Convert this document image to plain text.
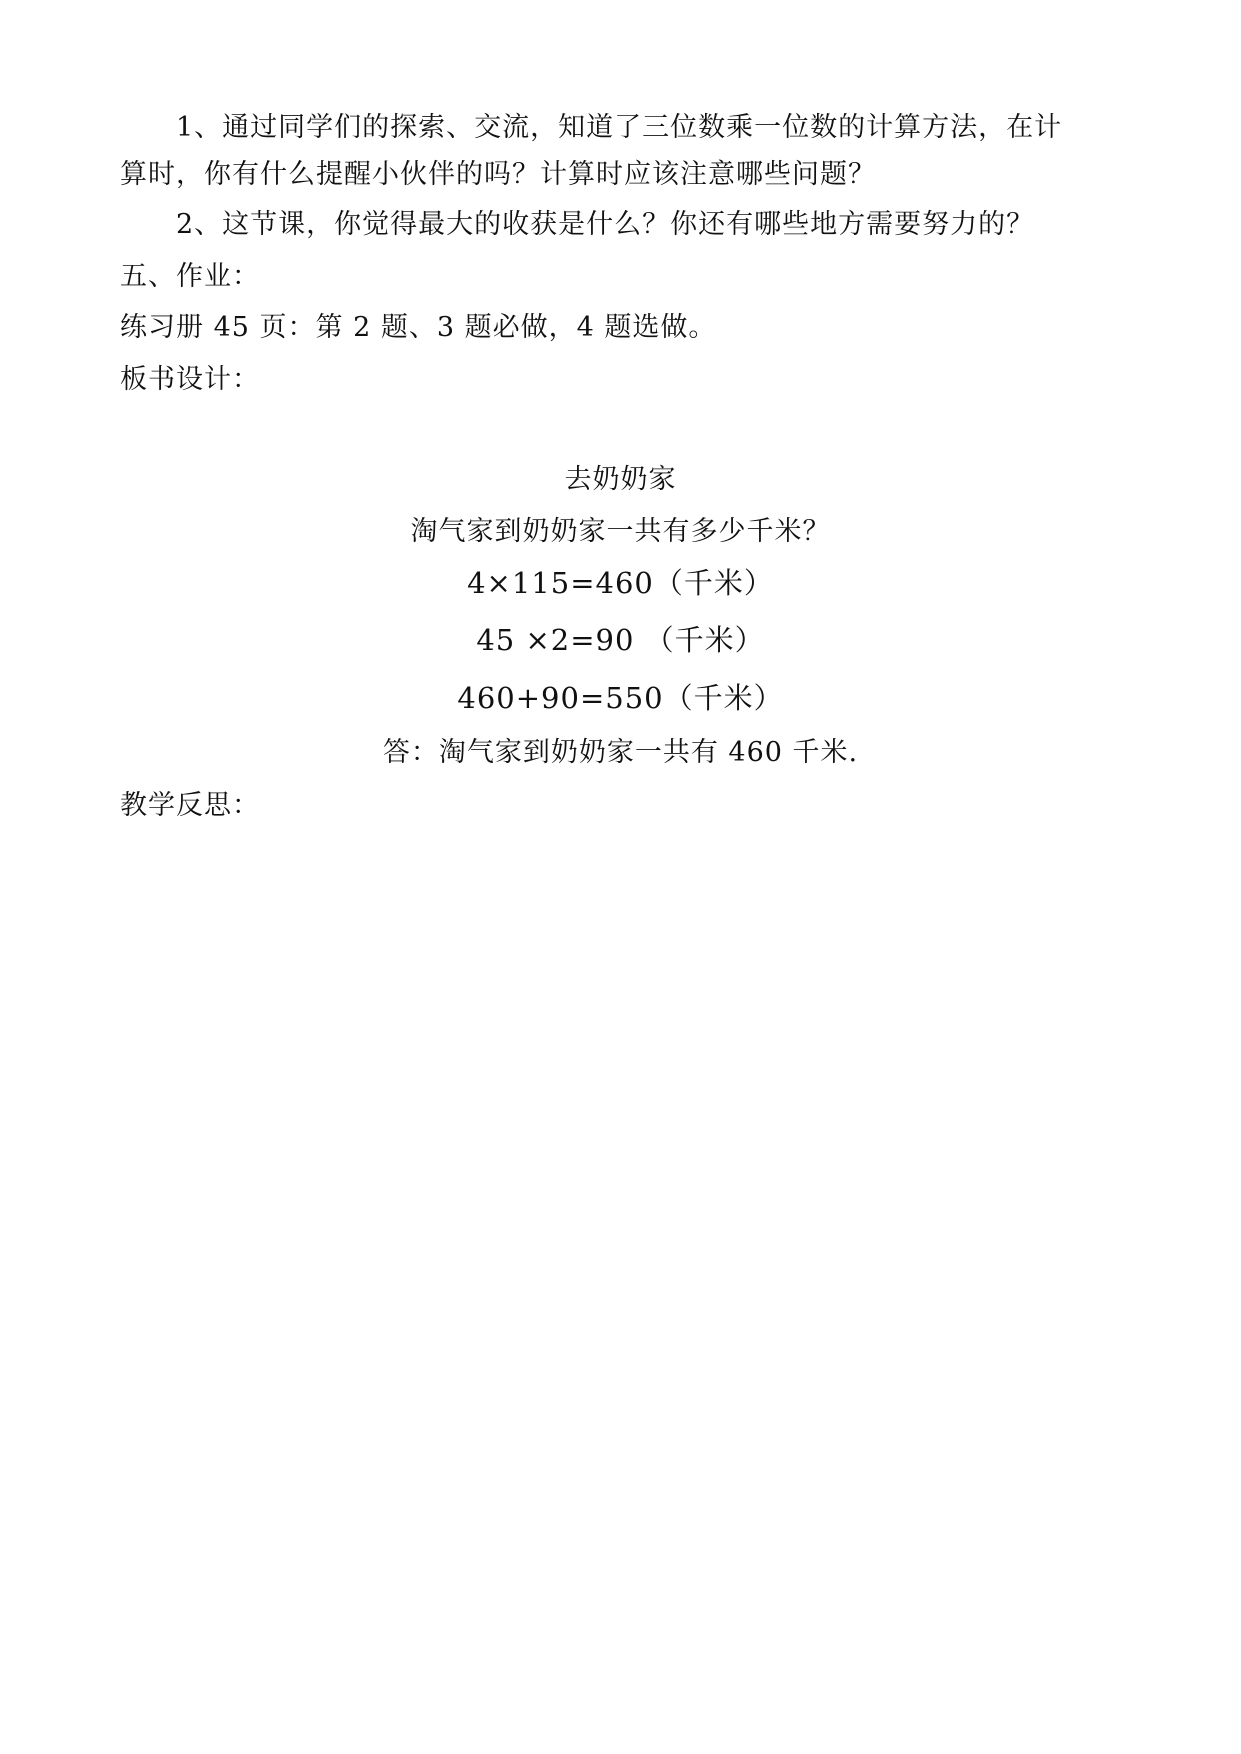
1、通过同学们的探索、交流，知道了三位数乘一位数的计算方法，在计
算时，你有什么提醒小伙伴的吗？计算时应该注意哪些问题？
2、这节课，你觉得最大的收获是什么？你还有哪些地方需要努力的？
五、作业：
练习册 45 页：第 2 题、3 题必做，4 题选做。
板书设计：
去奶奶家
淘气家到奶奶家一共有多少千米？
4×115=460（千米）
45 ×2=90 （千米）
460+90=550（千米）
答：淘气家到奶奶家一共有 460 千米.
教学反思：
